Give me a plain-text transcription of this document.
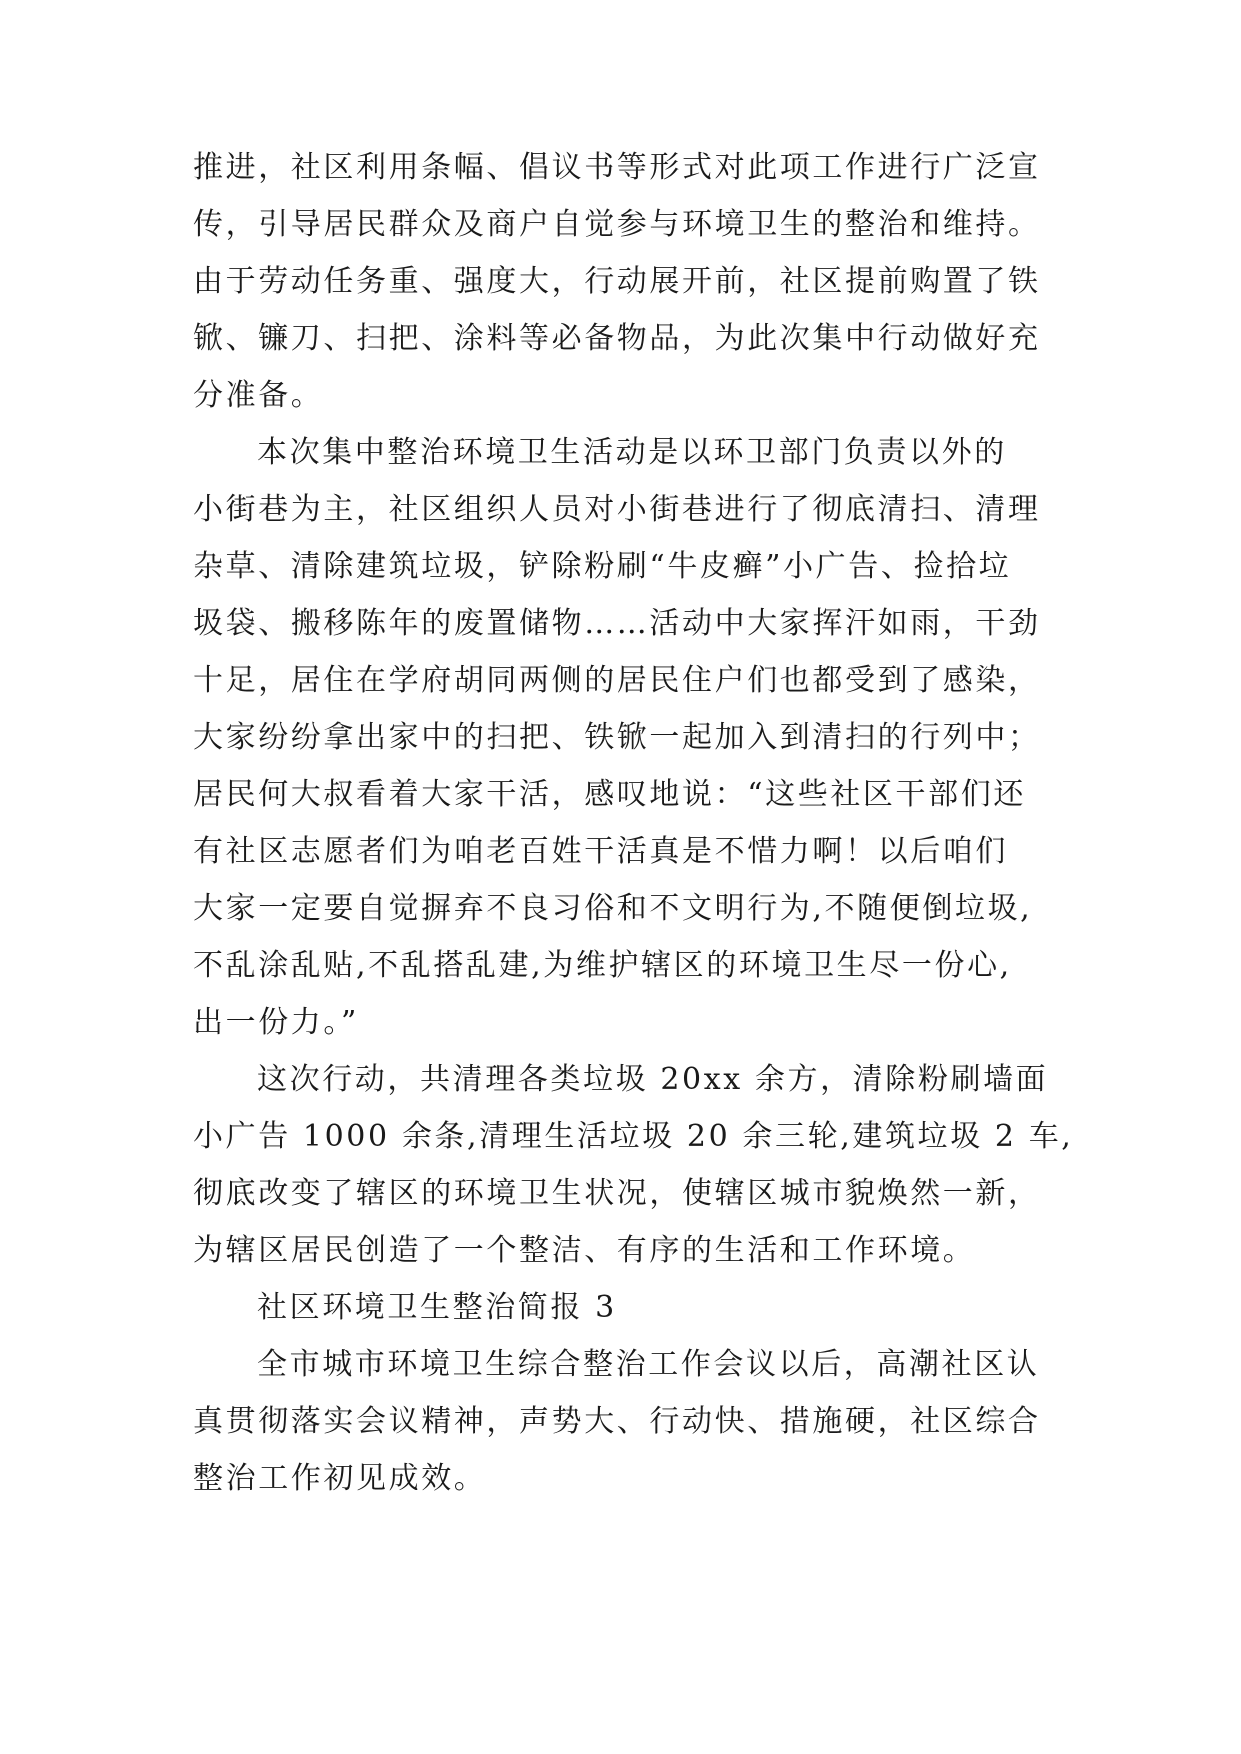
推进，社区利用条幅、倡议书等形式对此项工作进行广泛宣
传，引导居民群众及商户自觉参与环境卫生的整治和维持。
由于劳动任务重、强度大，行动展开前，社区提前购置了铁
锨、镰刀、扫把、涂料等必备物品，为此次集中行动做好充
分准备。
本次集中整治环境卫生活动是以环卫部门负责以外的
小街巷为主，社区组织人员对小街巷进行了彻底清扫、清理
杂草、清除建筑垃圾，铲除粉刷“牛皮癣”小广告、捡拾垃
圾袋、搬移陈年的废置储物……活动中大家挥汗如雨，干劲
十足，居住在学府胡同两侧的居民住户们也都受到了感染，
大家纷纷拿出家中的扫把、铁锨一起加入到清扫的行列中；
居民何大叔看着大家干活，感叹地说：“这些社区干部们还
有社区志愿者们为咱老百姓干活真是不惜力啊！以后咱们
大家一定要自觉摒弃不良习俗和不文明行为,不随便倒垃圾,
不乱涂乱贴,不乱搭乱建,为维护辖区的环境卫生尽一份心,
出一份力。”
这次行动，共清理各类垃圾 20xx 余方，清除粉刷墙面
小广告 1000 余条,清理生活垃圾 20 余三轮,建筑垃圾 2 车,
彻底改变了辖区的环境卫生状况，使辖区城市貌焕然一新，
为辖区居民创造了一个整洁、有序的生活和工作环境。
社区环境卫生整治简报 3
全市城市环境卫生综合整治工作会议以后，高潮社区认
真贯彻落实会议精神，声势大、行动快、措施硬，社区综合
整治工作初见成效。
